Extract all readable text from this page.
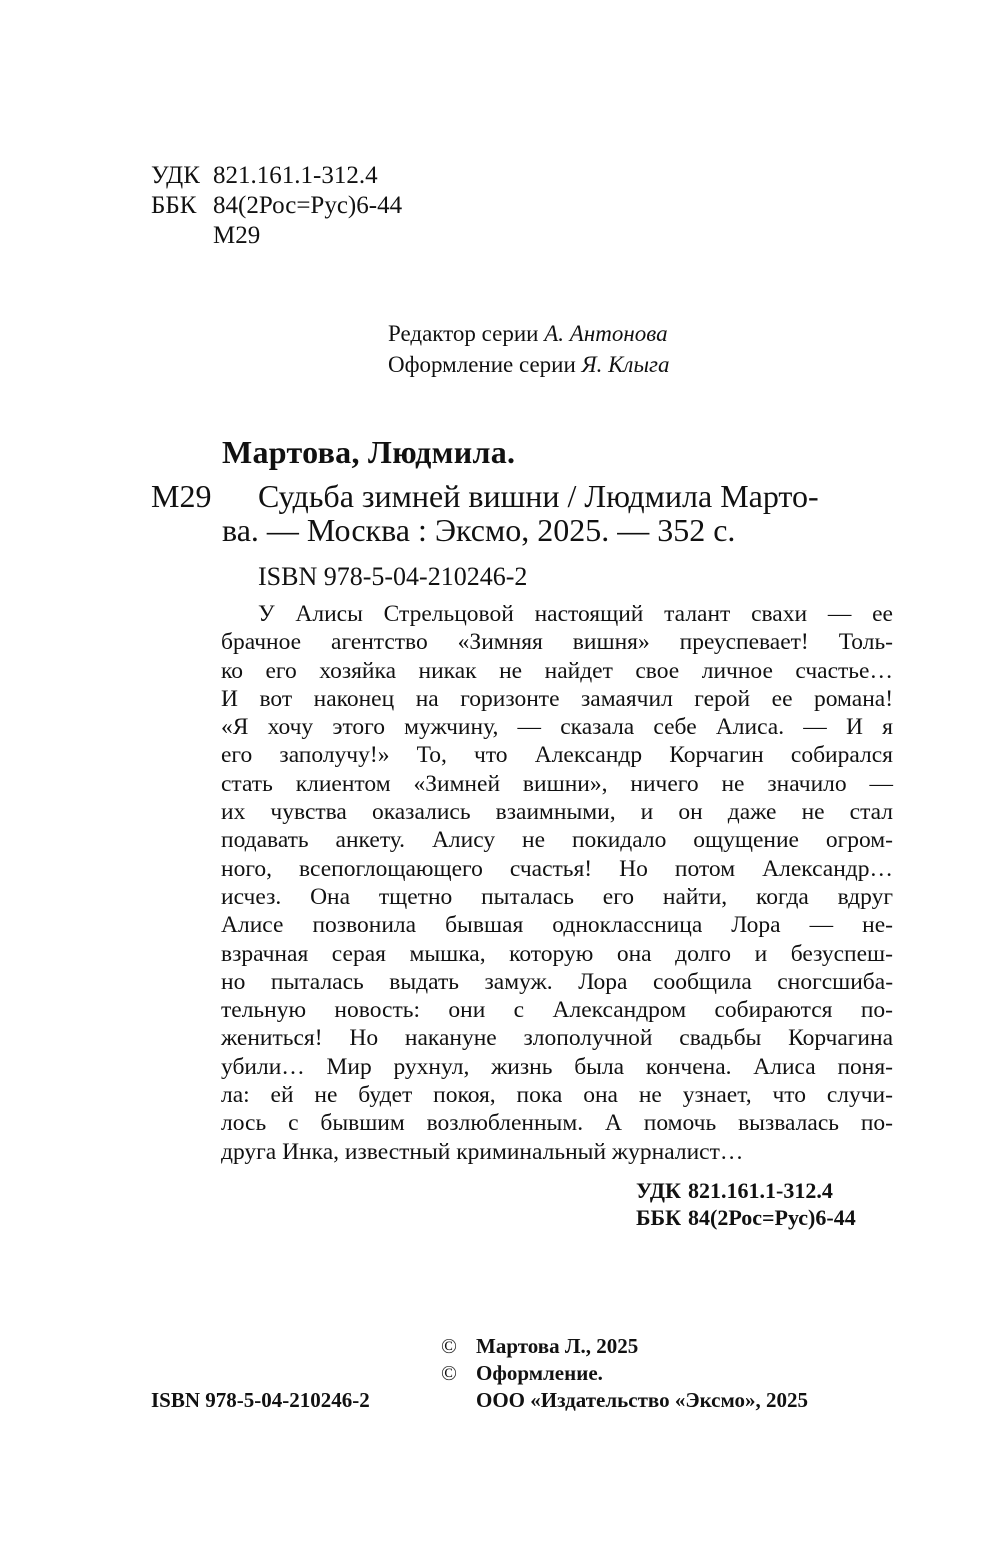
УДК 821.161.1-312.4
ББК 84(2Рос=Рус)6-44
М29
Редактор серии А. Антонова
Оформление серии Я. Клыга
Мартова, Людмила.
М29 Судьба зимней вишни / Людмила Марто-
ва. — Москва : Эксмо, 2025. — 352 с.
ISBN 978-5-04-210246-2
У Алисы Стрельцовой настоящий талант свахи — ее
брачное агентство «Зимняя вишня» преуспевает! Толь-
ко его хозяйка никак не найдет свое личное счастье…
И вот наконец на горизонте замаячил герой ее романа!
«Я хочу этого мужчину, — сказала себе Алиса. — И я
его заполучу!» То, что Александр Корчагин собирался
стать клиентом «Зимней вишни», ничего не значило —
их чувства оказались взаимными, и он даже не стал
подавать анкету. Алису не покидало ощущение огром-
ного, всепоглощающего счастья! Но потом Александр…
исчез. Она тщетно пыталась его найти, когда вдруг
Алисе позвонила бывшая одноклассница Лора — не-
взрачная серая мышка, которую она долго и безуспеш-
но пыталась выдать замуж. Лора сообщила сногсшиба-
тельную новость: они с Александром собираются по-
жениться! Но накануне злополучной свадьбы Корчагина
убили… Мир рухнул, жизнь была кончена. Алиса поня-
ла: ей не будет покоя, пока она не узнает, что случи-
лось с бывшим возлюбленным. А помочь вызвалась по-
друга Инка, известный криминальный журналист…
УДК 821.161.1-312.4
ББК 84(2Рос=Рус)6-44
© Мартова Л., 2025
© Оформление.
ООО «Издательство «Эксмо», 2025
ISBN 978-5-04-210246-2
